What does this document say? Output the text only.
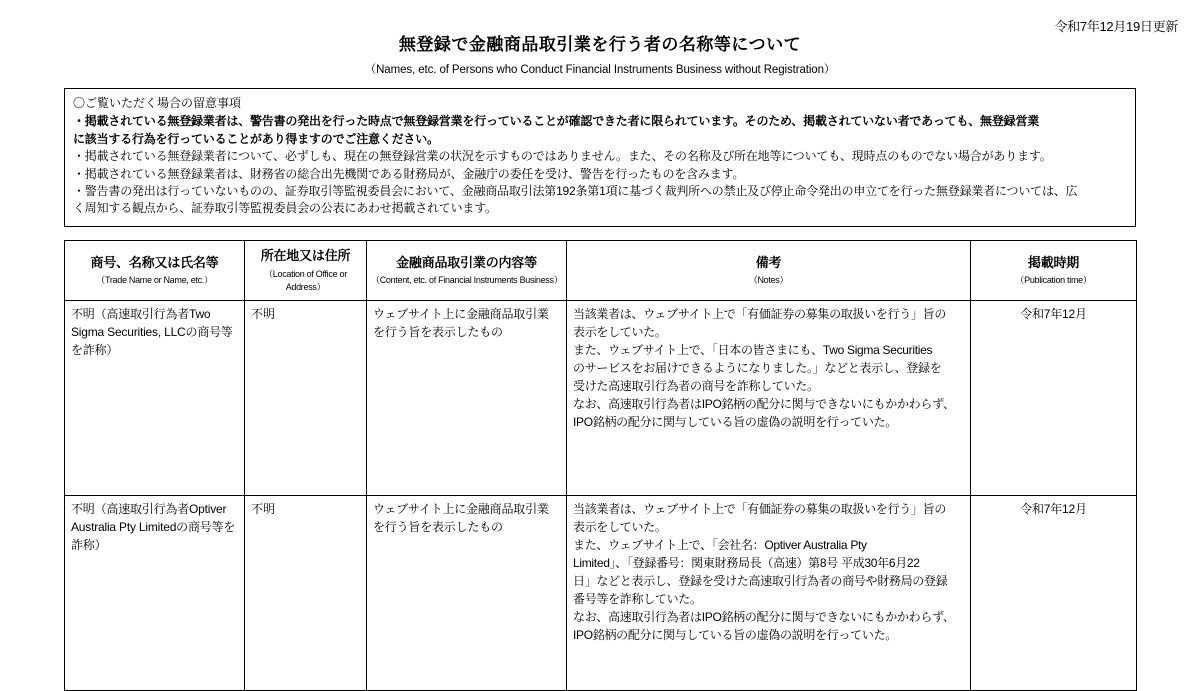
令和7年12月19日更新
無登録で金融商品取引業を行う者の名称等について

（Names, etc. of Persons who Conduct Financial Instruments Business without Registration）

〇ご覧いただく場合の留意事項
・掲載されている無登録業者は、警告書の発出を行った時点で無登録営業を行っていることが確認できた者に限られています。そのため、掲載されていない者であっても、無登録営業
に該当する行為を行っていることがあり得ますのでご注意ください。
・掲載されている無登録業者について、必ずしも、現在の無登録営業の状況を示すものではありません。また、その名称及び所在地等についても、現時点のものでない場合があります。
・掲載されている無登録業者は、財務省の総合出先機関である財務局が、金融庁の委任を受け、警告を行ったものを含みます。
・警告書の発出は行っていないものの、証券取引等監視委員会において、金融商品取引法第192条第1項に基づく裁判所への禁止及び停止命令発出の申立てを行った無登録業者については、広
く周知する観点から、証券取引等監視委員会の公表にあわせ掲載されています。
商号、名称又は氏名等
（Trade Name or Name, etc.）	所在地又は住所
（Location of Office or Address）	金融商品取引業の内容等
（Content, etc. of Financial Instruments Business）	備考
（Notes）	掲載時期
（Publication time）

不明（高速取引行為者Two Sigma Securities, LLCの商号等を詐称）	不明	ウェブサイト上に金融商品取引業を行う旨を表示したもの	
当該業者は、ウェブサイト上で「有価証券の募集の取扱いを行う」旨の
表示をしていた。
また、ウェブサイト上で、「日本の皆さまにも、Two Sigma Securities
のサービスをお届けできるようになりました。」などと表示し、登録を
受けた高速取引行為者の商号を詐称していた。
なお、高速取引行為者はIPO銘柄の配分に関与できないにもかかわらず、
IPO銘柄の配分に関与している旨の虚偽の説明を行っていた。
	令和7年12月
不明（高速取引行為者Optiver Australia Pty Limitedの商号等を詐称）	不明	ウェブサイト上に金融商品取引業を行う旨を表示したもの	
当該業者は、ウェブサイト上で「有価証券の募集の取扱いを行う」旨の
表示をしていた。
また、ウェブサイト上で、「会社名：Optiver Australia Pty
Limited」、「登録番号：関東財務局長（高速）第8号 平成30年6月22
日」などと表示し、登録を受けた高速取引行為者の商号や財務局の登録
番号等を詐称していた。
なお、高速取引行為者はIPO銘柄の配分に関与できないにもかかわらず、
IPO銘柄の配分に関与している旨の虚偽の説明を行っていた。
	令和7年12月
